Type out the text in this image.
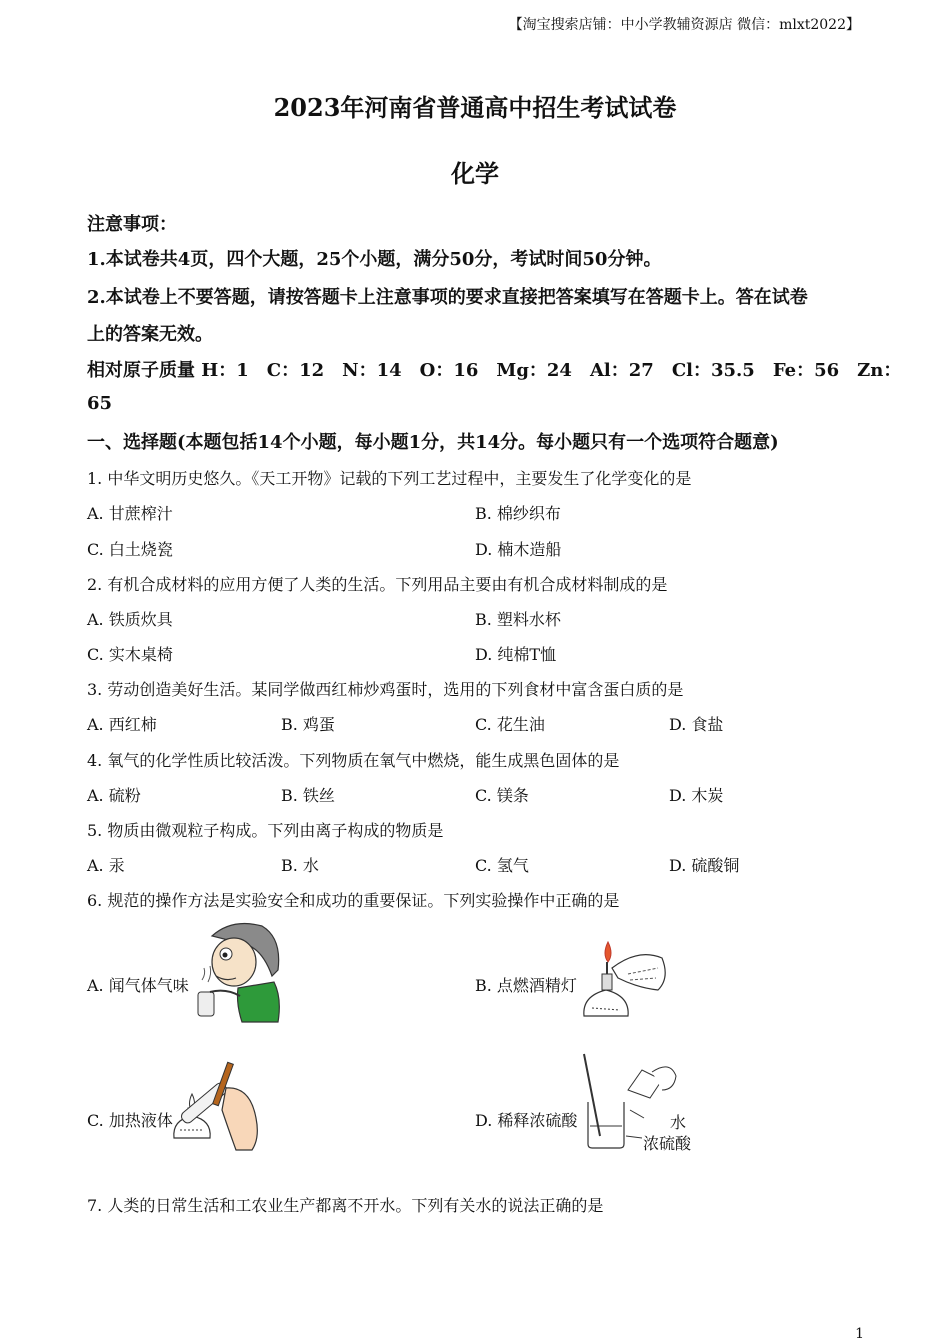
【淘宝搜索店铺：中小学教辅资源店 微信：mlxt2022】
2023年河南省普通高中招生考试试卷
化学
注意事项：
1.本试卷共4页，四个大题，25个小题，满分50分，考试时间50分钟。
2.本试卷上不要答题，请按答题卡上注意事项的要求直接把答案填写在答题卡上。答在试卷
上的答案无效。
相对原子质量 H：1　C：12　N：14　O：16　Mg：24　Al：27　Cl：35.5　Fe：56　Zn：
65
一、选择题(本题包括14个小题，每小题1分，共14分。每小题只有一个选项符合题意)
1. 中华文明历史悠久。《天工开物》记载的下列工艺过程中，主要发生了化学变化的是
A. 甘蔗榨汁	B. 棉纱织布
C. 白土烧瓷	D. 楠木造船
2. 有机合成材料的应用方便了人类的生活。下列用品主要由有机合成材料制成的是
A. 铁质炊具	B. 塑料水杯
C. 实木桌椅	D. 纯棉T恤
3. 劳动创造美好生活。某同学做西红柿炒鸡蛋时，选用的下列食材中富含蛋白质的是
A. 西红柿	B. 鸡蛋	C. 花生油	D. 食盐
4. 氧气的化学性质比较活泼。下列物质在氧气中燃烧，能生成黑色固体的是
A. 硫粉	B. 铁丝	C. 镁条	D. 木炭
5. 物质由微观粒子构成。下列由离子构成的物质是
A. 汞	B. 水	C. 氢气	D. 硫酸铜
6. 规范的操作方法是实验安全和成功的重要保证。下列实验操作中正确的是
A. 闻气体气味	B. 点燃酒精灯
C. 加热液体	D. 稀释浓硫酸	水
浓硫酸
7. 人类的日常生活和工农业生产都离不开水。下列有关水的说法正确的是
1
